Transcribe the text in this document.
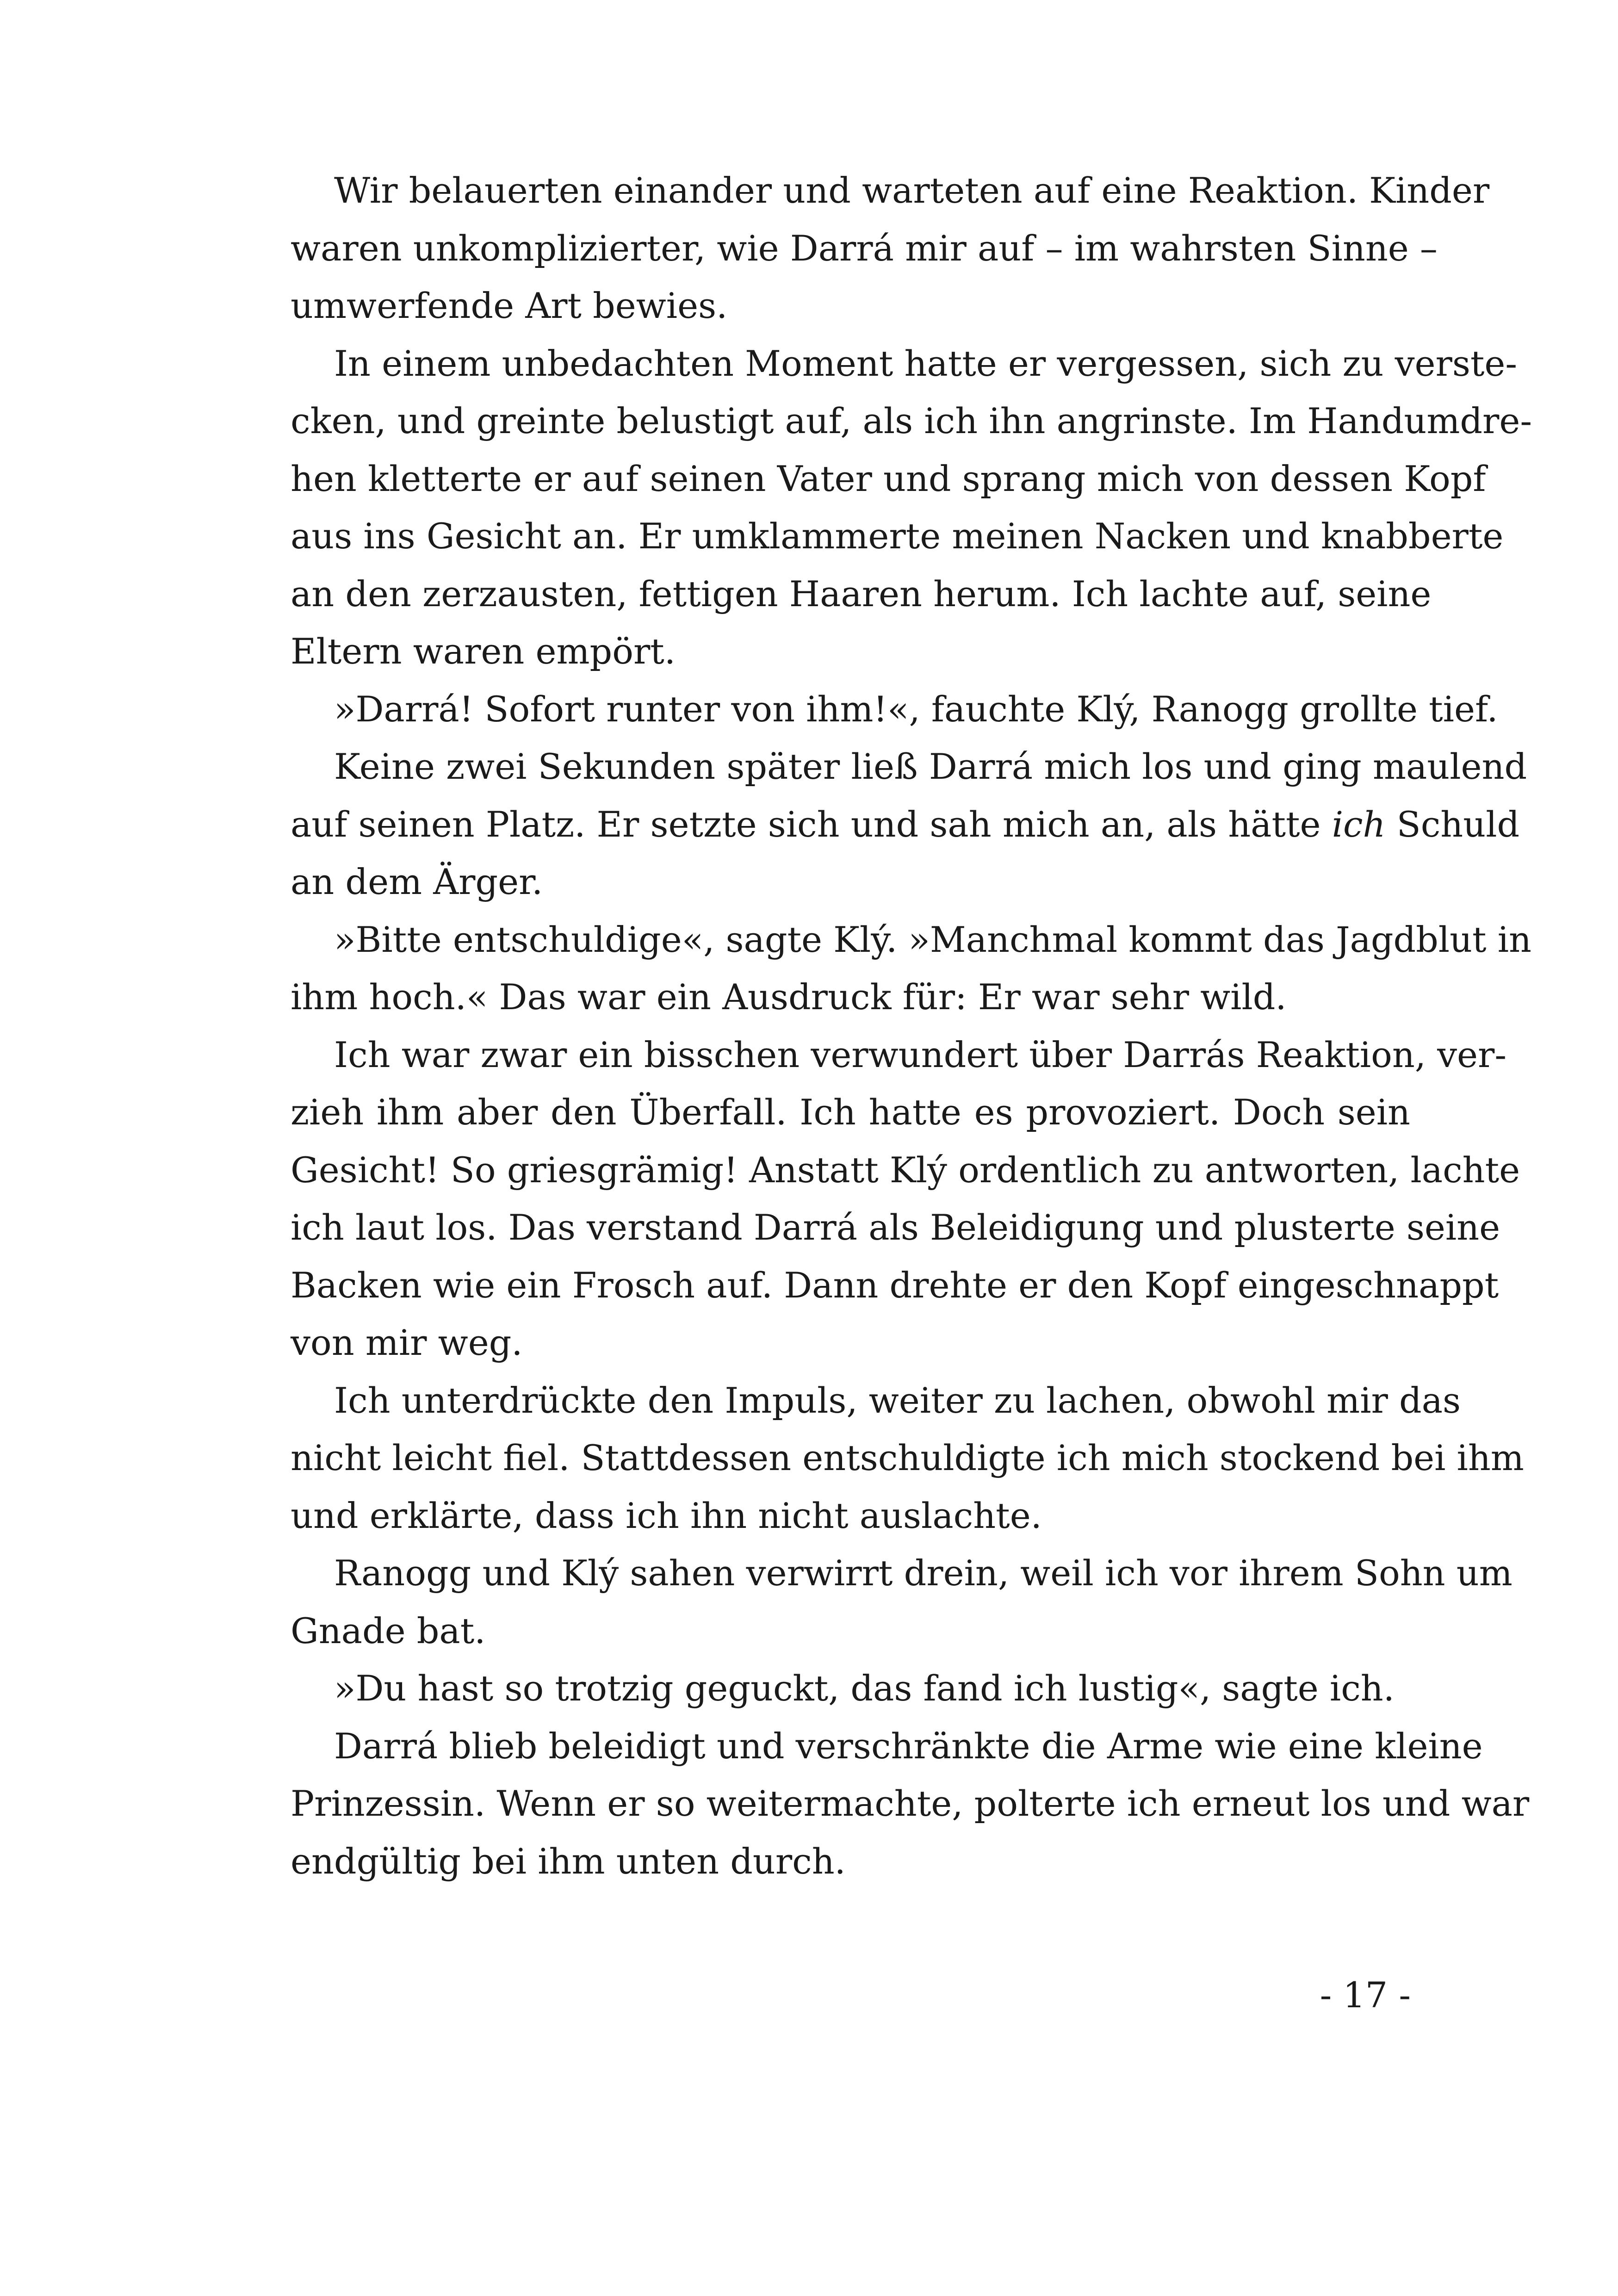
Wir belauerten einander und warteten auf eine Reaktion. Kinder
waren unkomplizierter, wie Darrá mir auf – im wahrsten Sinne –
umwerfende Art bewies.
In einem unbedachten Moment hatte er vergessen, sich zu verste-
cken, und greinte belustigt auf, als ich ihn angrinste. Im Handumdre-
hen kletterte er auf seinen Vater und sprang mich von dessen Kopf
aus ins Gesicht an. Er umklammerte meinen Nacken und knabberte
an den zerzausten, fettigen Haaren herum. Ich lachte auf, seine
Eltern waren empört.
»Darrá! Sofort runter von ihm!«, fauchte Klý, Ranogg grollte tief.
Keine zwei Sekunden später ließ Darrá mich los und ging maulend
auf seinen Platz. Er setzte sich und sah mich an, als hätte ich Schuld
an dem Ärger.
»Bitte entschuldige«, sagte Klý. »Manchmal kommt das Jagdblut in
ihm hoch.« Das war ein Ausdruck für: Er war sehr wild.
Ich war zwar ein bisschen verwundert über Darrás Reaktion, ver-
zieh ihm aber den Überfall. Ich hatte es provoziert. Doch sein
Gesicht! So griesgrämig! Anstatt Klý ordentlich zu antworten, lachte
ich laut los. Das verstand Darrá als Beleidigung und plusterte seine
Backen wie ein Frosch auf. Dann drehte er den Kopf eingeschnappt
von mir weg.
Ich unterdrückte den Impuls, weiter zu lachen, obwohl mir das
nicht leicht fiel. Stattdessen entschuldigte ich mich stockend bei ihm
und erklärte, dass ich ihn nicht auslachte.
Ranogg und Klý sahen verwirrt drein, weil ich vor ihrem Sohn um
Gnade bat.
»Du hast so trotzig geguckt, das fand ich lustig«, sagte ich.
Darrá blieb beleidigt und verschränkte die Arme wie eine kleine
Prinzessin. Wenn er so weitermachte, polterte ich erneut los und war
endgültig bei ihm unten durch.
- 17 -
